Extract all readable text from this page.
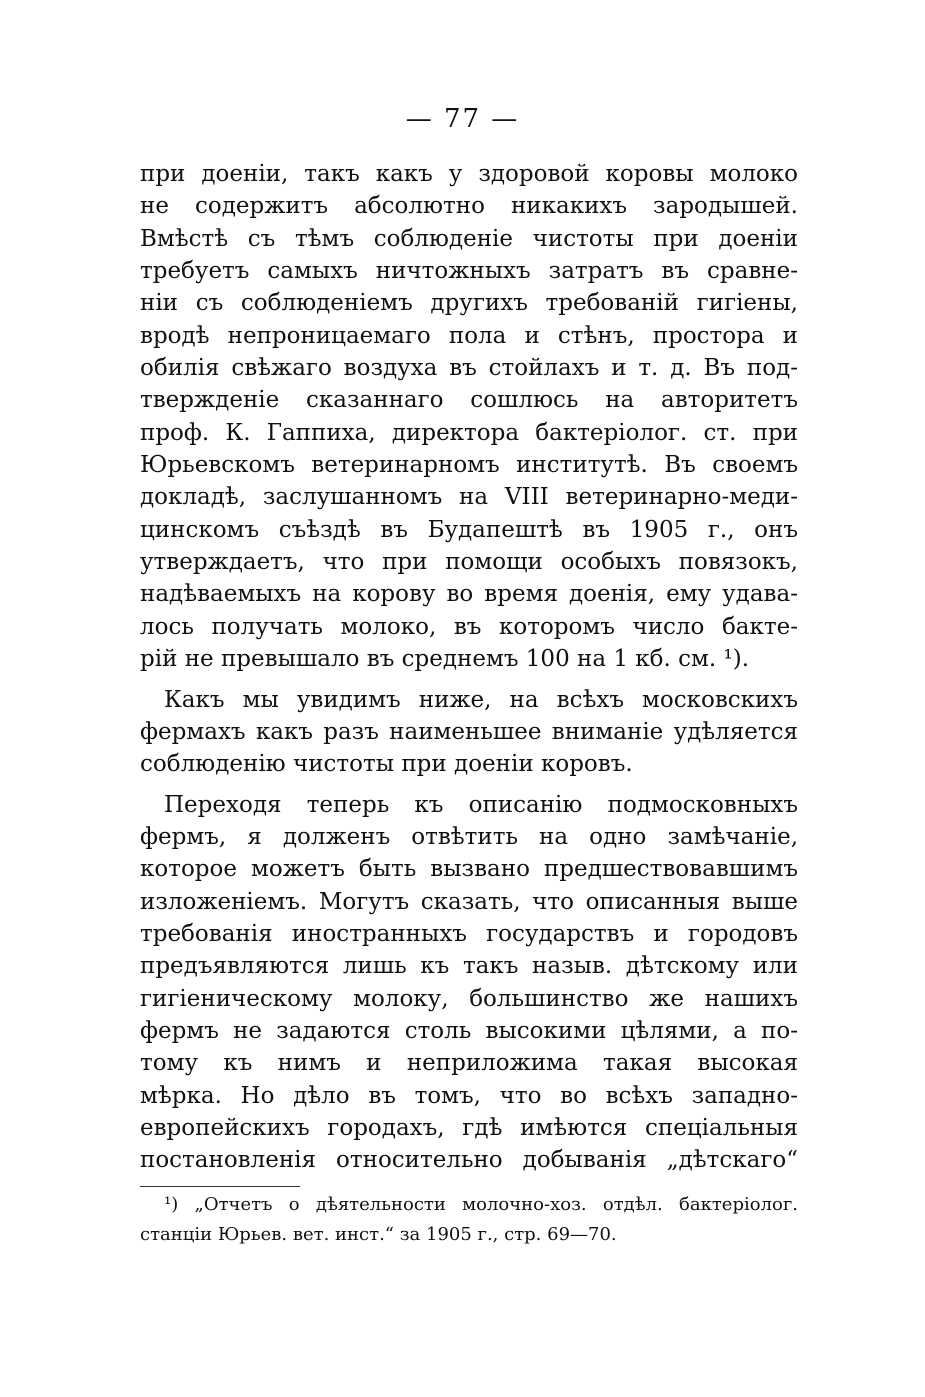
— 77 —
при доеніи, такъ какъ у здоровой коровы молоко
не содержитъ абсолютно никакихъ зародышей.
Вмѣстѣ съ тѣмъ соблюденіе чистоты при доеніи
требуетъ самыхъ ничтожныхъ затратъ въ сравне-
ніи съ соблюденіемъ другихъ требованій гигіены,
вродѣ непроницаемаго пола и стѣнъ, простора и
обилія свѣжаго воздуха въ стойлахъ и т. д. Въ под-
твержденіе сказаннаго сошлюсь на авторитетъ
проф. К. Гаппиха, директора бактеріолог. ст. при
Юрьевскомъ ветеринарномъ институтѣ. Въ своемъ
докладѣ, заслушанномъ на VIII ветеринарно-меди-
цинскомъ съѣздѣ въ Будапештѣ въ 1905 г., онъ
утверждаетъ, что при помощи особыхъ повязокъ,
надѣваемыхъ на корову во время доенія, ему удава-
лось получать молоко, въ которомъ число бакте-
рій не превышало въ среднемъ 100 на 1 кб. см. ¹).
Какъ мы увидимъ ниже, на всѣхъ московскихъ
фермахъ какъ разъ наименьшее вниманіе удѣляется
соблюденію чистоты при доеніи коровъ.
Переходя теперь къ описанію подмосковныхъ
фермъ, я долженъ отвѣтить на одно замѣчаніе,
которое можетъ быть вызвано предшествовавшимъ
изложеніемъ. Могутъ сказать, что описанныя выше
требованія иностранныхъ государствъ и городовъ
предъявляются лишь къ такъ назыв. дѣтскому или
гигіеническому молоку, большинство же нашихъ
фермъ не задаются столь высокими цѣлями, а по-
тому къ нимъ и неприложима такая высокая
мѣрка. Но дѣло въ томъ, что во всѣхъ западно-
европейскихъ городахъ, гдѣ имѣются спеціальныя
постановленія относительно добыванія „дѣтскаго“
¹) „Отчетъ о дѣятельности молочно-хоз. отдѣл. бактеріолог.
станціи Юрьев. вет. инст.“ за 1905 г., стр. 69—70.
